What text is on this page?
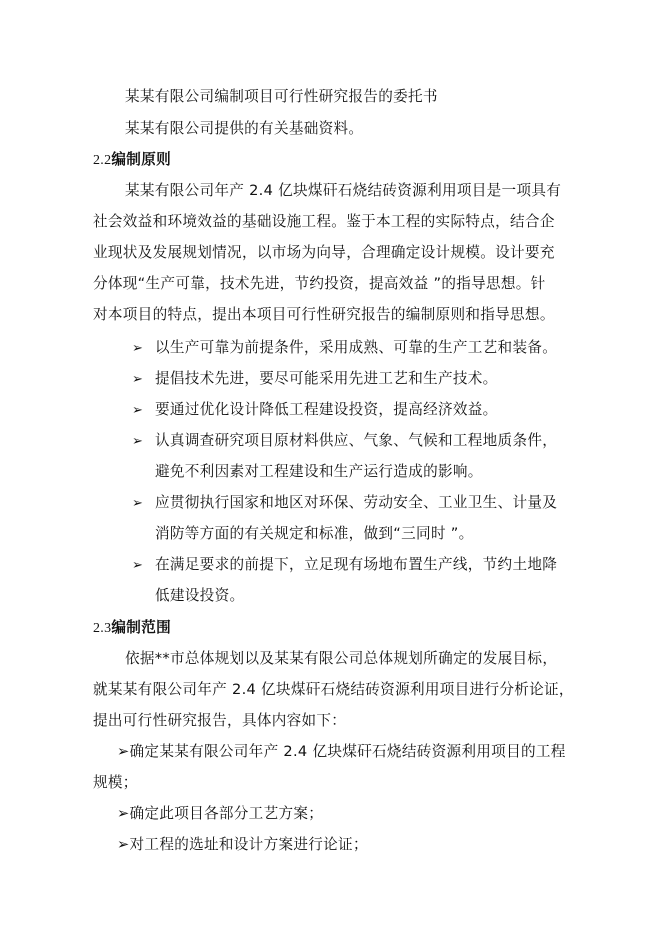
某某有限公司编制项目可行性研究报告的委托书
某某有限公司提供的有关基础资料。
2.2编制原则
某某有限公司年产 2.4 亿块煤矸石烧结砖资源利用项目是一项具有
社会效益和环境效益的基础设施工程。鉴于本工程的实际特点，结合企
业现状及发展规划情况，以市场为向导，合理确定设计规模。设计要充
分体现“生产可靠，技术先进，节约投资，提高效益 ”的指导思想。针
对本项目的特点，提出本项目可行性研究报告的编制原则和指导思想。
➢ 以生产可靠为前提条件，采用成熟、可靠的生产工艺和装备。
➢ 提倡技术先进，要尽可能采用先进工艺和生产技术。
➢ 要通过优化设计降低工程建设投资，提高经济效益。
➢ 认真调查研究项目原材料供应、气象、气候和工程地质条件，
避免不利因素对工程建设和生产运行造成的影响。
➢ 应贯彻执行国家和地区对环保、劳动安全、工业卫生、计量及
消防等方面的有关规定和标准，做到“三同时 ”。
➢ 在满足要求的前提下，立足现有场地布置生产线，节约土地降
低建设投资。
2.3编制范围
依据**市总体规划以及某某有限公司总体规划所确定的发展目标，
就某某有限公司年产 2.4 亿块煤矸石烧结砖资源利用项目进行分析论证，
提出可行性研究报告，具体内容如下：
➢确定某某有限公司年产 2.4 亿块煤矸石烧结砖资源利用项目的工程
规模；
➢确定此项目各部分工艺方案；
➢对工程的选址和设计方案进行论证；
